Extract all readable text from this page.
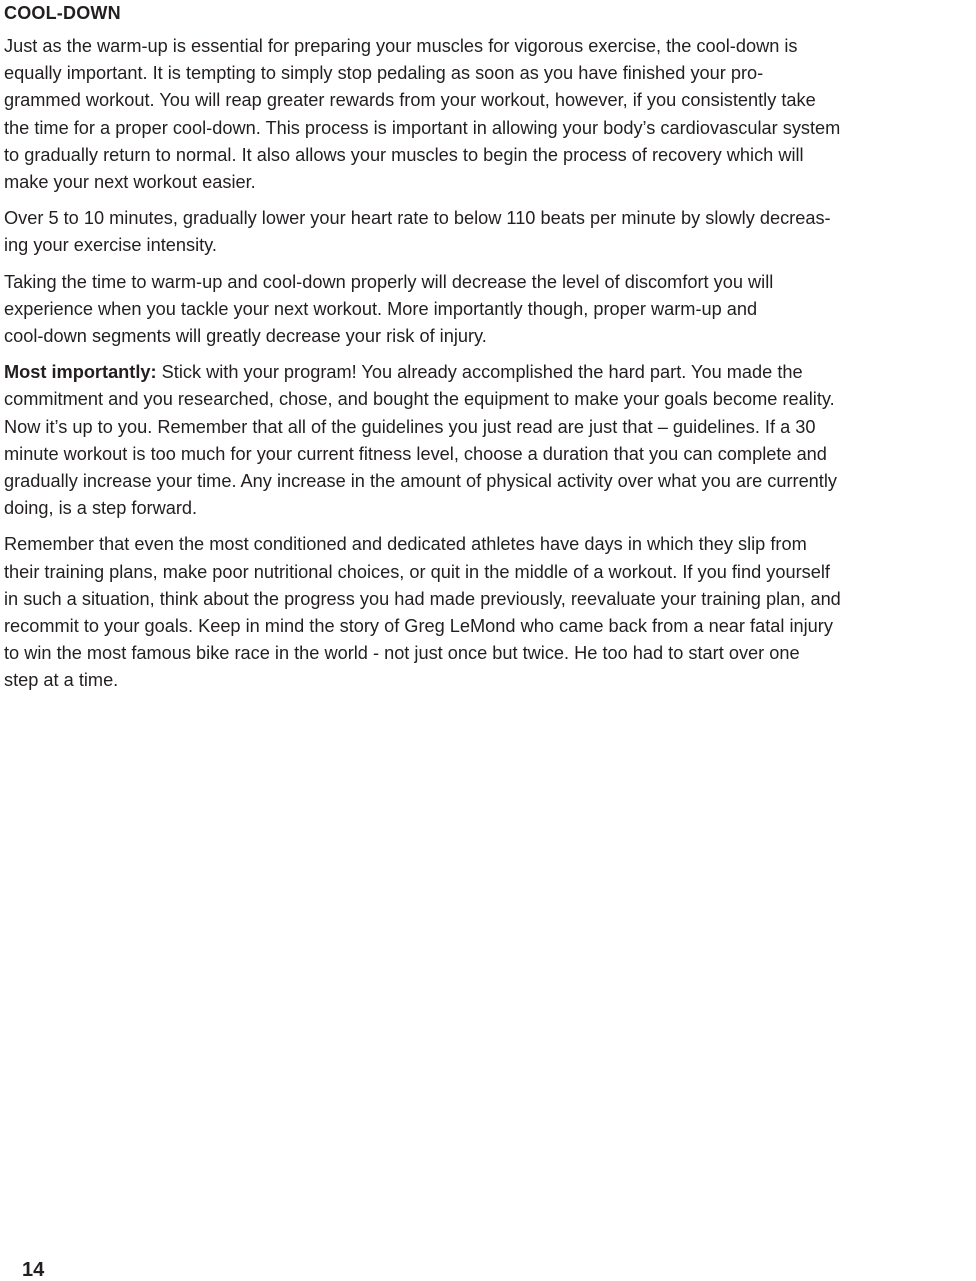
COOL-DOWN

Just as the warm-up is essential for preparing your muscles for vigorous exercise, the cool-down is
equally important. It is tempting to simply stop pedaling as soon as you have finished your pro-
grammed workout. You will reap greater rewards from your workout, however, if you consistently take
the time for a proper cool-down. This process is important in allowing your body’s cardiovascular system
to gradually return to normal. It also allows your muscles to begin the process of recovery which will
make your next workout easier.

Over 5 to 10 minutes, gradually lower your heart rate to below 110 beats per minute by slowly decreas-
ing your exercise intensity.

Taking the time to warm-up and cool-down properly will decrease the level of discomfort you will
experience when you tackle your next workout. More importantly though, proper warm-up and
cool-down segments will greatly decrease your risk of injury.

Most importantly: Stick with your program! You already accomplished the hard part. You made the
commitment and you researched, chose, and bought the equipment to make your goals become reality.
Now it’s up to you. Remember that all of the guidelines you just read are just that – guidelines. If a 30
minute workout is too much for your current fitness level, choose a duration that you can complete and
gradually increase your time. Any increase in the amount of physical activity over what you are currently
doing, is a step forward.

Remember that even the most conditioned and dedicated athletes have days in which they slip from
their training plans, make poor nutritional choices, or quit in the middle of a workout. If you find yourself
in such a situation, think about the progress you had made previously, reevaluate your training plan, and
recommit to your goals. Keep in mind the story of Greg LeMond who came back from a near fatal injury
to win the most famous bike race in the world - not just once but twice. He too had to start over one
step at a time.

14
